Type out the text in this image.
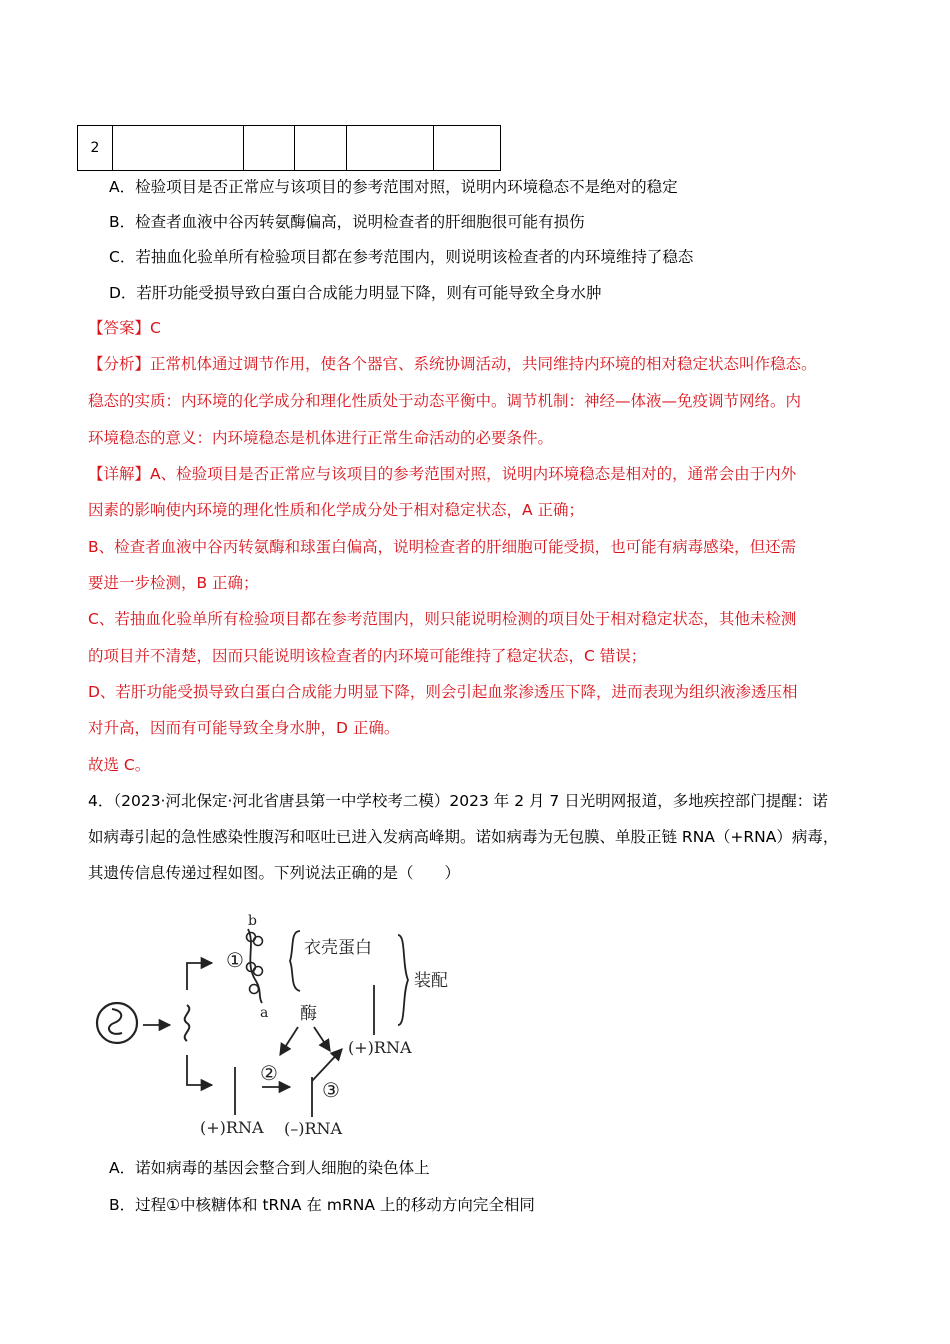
2					
A．检验项目是否正常应与该项目的参考范围对照，说明内环境稳态不是绝对的稳定
B．检查者血液中谷丙转氨酶偏高，说明检查者的肝细胞很可能有损伤
C．若抽血化验单所有检验项目都在参考范围内，则说明该检查者的内环境维持了稳态
D．若肝功能受损导致白蛋白合成能力明显下降，则有可能导致全身水肿
【答案】C
【分析】正常机体通过调节作用，使各个器官、系统协调活动，共同维持内环境的相对稳定状态叫作稳态。
稳态的实质：内环境的化学成分和理化性质处于动态平衡中。调节机制：神经—体液—免疫调节网络。内
环境稳态的意义：内环境稳态是机体进行正常生命活动的必要条件。
【详解】A、检验项目是否正常应与该项目的参考范围对照，说明内环境稳态是相对的，通常会由于内外
因素的影响使内环境的理化性质和化学成分处于相对稳定状态，A 正确；
B、检查者血液中谷丙转氨酶和球蛋白偏高，说明检查者的肝细胞可能受损，也可能有病毒感染，但还需
要进一步检测，B 正确；
C、若抽血化验单所有检验项目都在参考范围内，则只能说明检测的项目处于相对稳定状态，其他未检测
的项目并不清楚，因而只能说明该检查者的内环境可能维持了稳定状态，C 错误；
D、若肝功能受损导致白蛋白合成能力明显下降，则会引起血浆渗透压下降，进而表现为组织液渗透压相
对升高，因而有可能导致全身水肿，D 正确。
故选 C。
4．（2023·河北保定·河北省唐县第一中学校考二模）2023 年 2 月 7 日光明网报道，多地疾控部门提醒：诺
如病毒引起的急性感染性腹泻和呕吐已进入发病高峰期。诺如病毒为无包膜、单股正链 RNA（+RNA）病毒，
其遗传信息传递过程如图。下列说法正确的是（　　）
b
a
①	衣壳蛋白
酶
装配
(+)RNA
(+)RNA
②
(–)RNA
③
A．诺如病毒的基因会整合到人细胞的染色体上
B．过程①中核糖体和 tRNA 在 mRNA 上的移动方向完全相同
